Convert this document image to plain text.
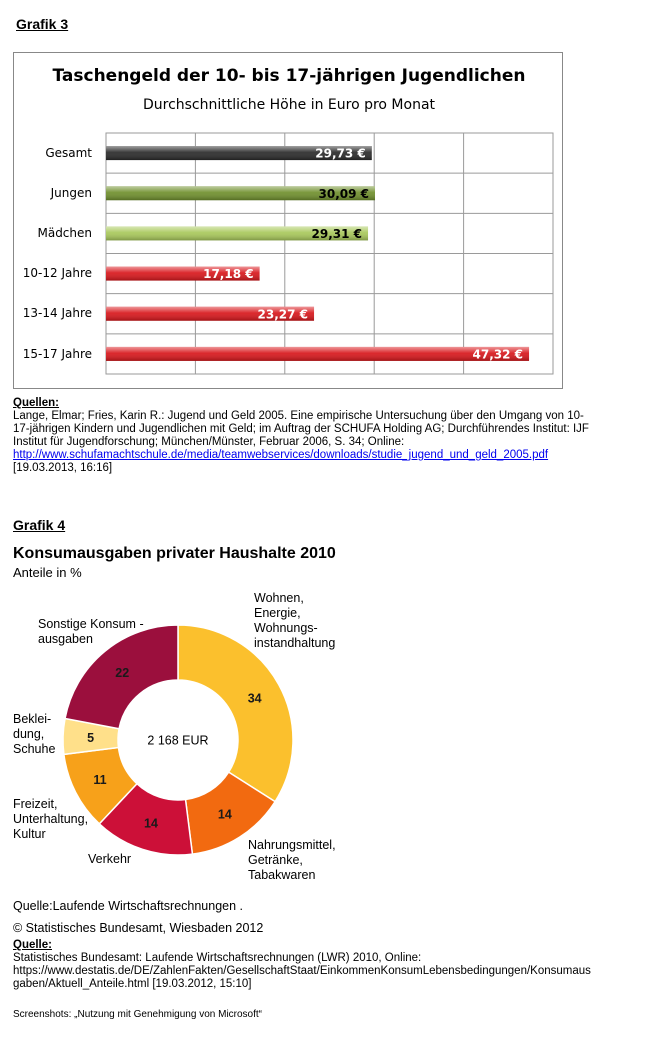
Grafik 3
Taschengeld der 10- bis 17-jährigen Jugendlichen
Durchschnittliche Höhe in Euro pro Monat
29,73 €
30,09 €
29,31 €
17,18 €
23,27 €
47,32 €
Gesamt
Jungen
Mädchen
10-12 Jahre
13-14 Jahre
15-17 Jahre
Quellen:
Lange, Elmar; Fries, Karin R.: Jugend und Geld 2005. Eine empirische Untersuchung über den Umgang von 10-
17-jährigen Kindern und Jugendlichen mit Geld; im Auftrag der SCHUFA Holding AG; Durchführendes Institut: IJF
Institut für Jugendforschung; München/Münster, Februar 2006, S. 34; Online:
http://www.schufamachtschule.de/media/teamwebservices/downloads/studie_jugend_und_geld_2005.pdf
[19.03.2013, 16:16]
Grafik 4
Konsumausgaben privater Haushalte 2010
Anteile in %
34
14
14
11
5
22
2 168 EUR
Wohnen,
Energie,
Wohnungs-
instandhaltung
Nahrungsmittel,
Getränke,
Tabakwaren
Verkehr
Freizeit,
Unterhaltung,
Kultur
Beklei-
dung,
Schuhe
Sonstige Konsum -
ausgaben
Quelle:Laufende Wirtschaftsrechnungen .
© Statistisches Bundesamt, Wiesbaden 2012
Quelle:
Statistisches Bundesamt: Laufende Wirtschaftsrechnungen (LWR) 2010, Online:
https://www.destatis.de/DE/ZahlenFakten/GesellschaftStaat/EinkommenKonsumLebensbedingungen/Konsumaus
gaben/Aktuell_Anteile.html [19.03.2012, 15:10]
Screenshots: „Nutzung mit Genehmigung von Microsoft“
